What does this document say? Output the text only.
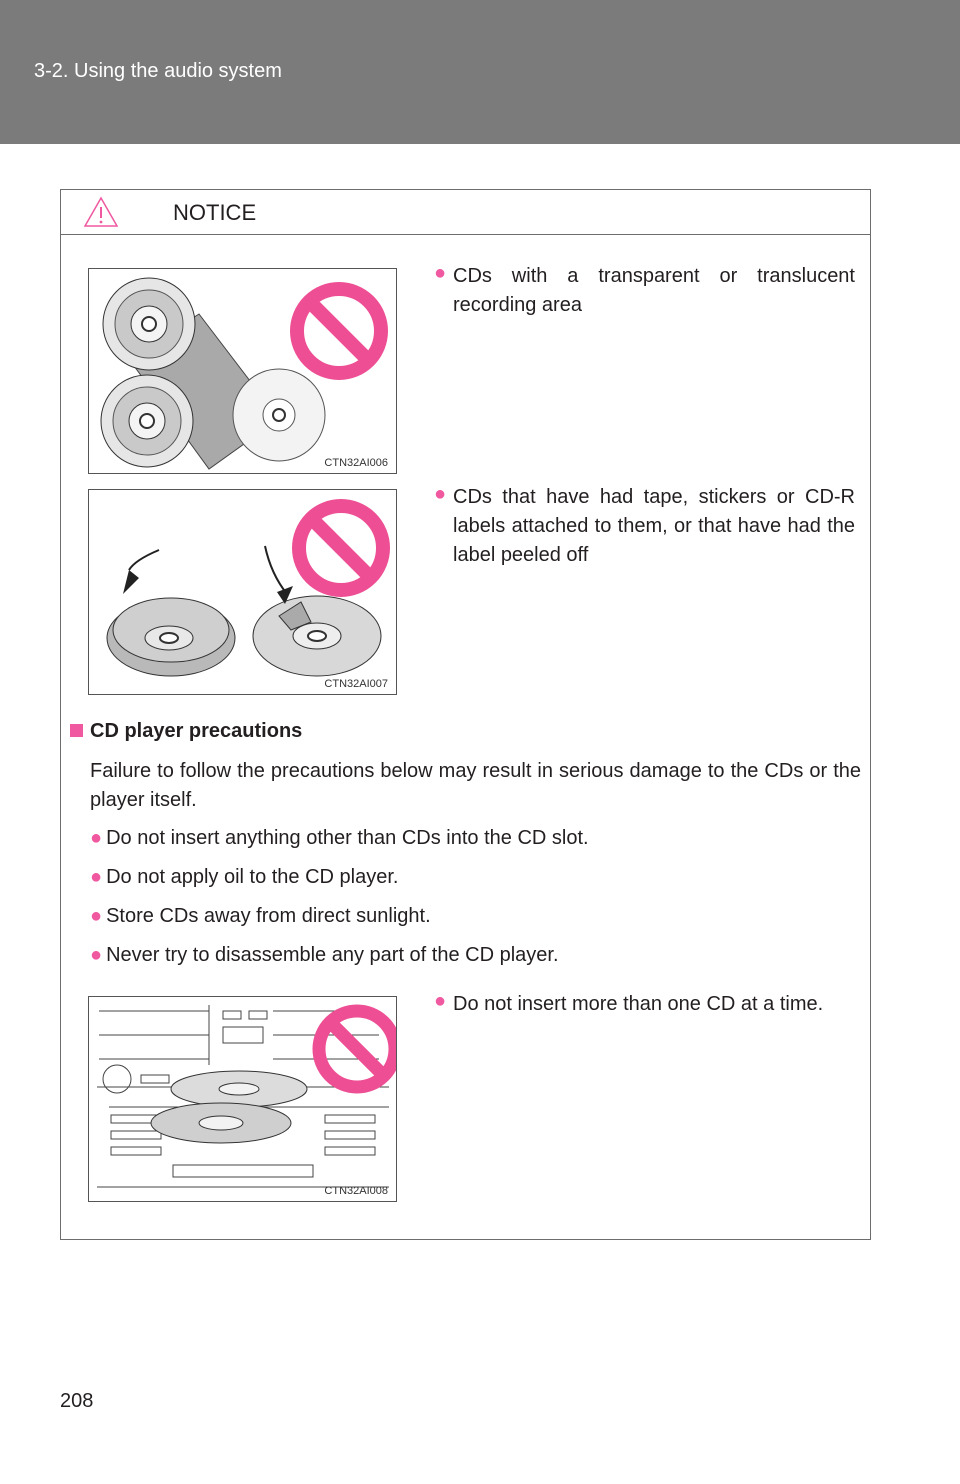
3-2. Using the audio system
NOTICE
CTN32AI006
● CDs with a transparent or translucent recording area
CTN32AI007
● CDs that have had tape, stickers or CD-R labels attached to them, or that have had the label peeled off
CD player precautions
Failure to follow the precautions below may result in serious damage to the CDs or the player itself.
● Do not insert anything other than CDs into the CD slot.
● Do not apply oil to the CD player.
● Store CDs away from direct sunlight.
● Never try to disassemble any part of the CD player.
CTN32AI008
● Do not insert more than one CD at a time.
208
